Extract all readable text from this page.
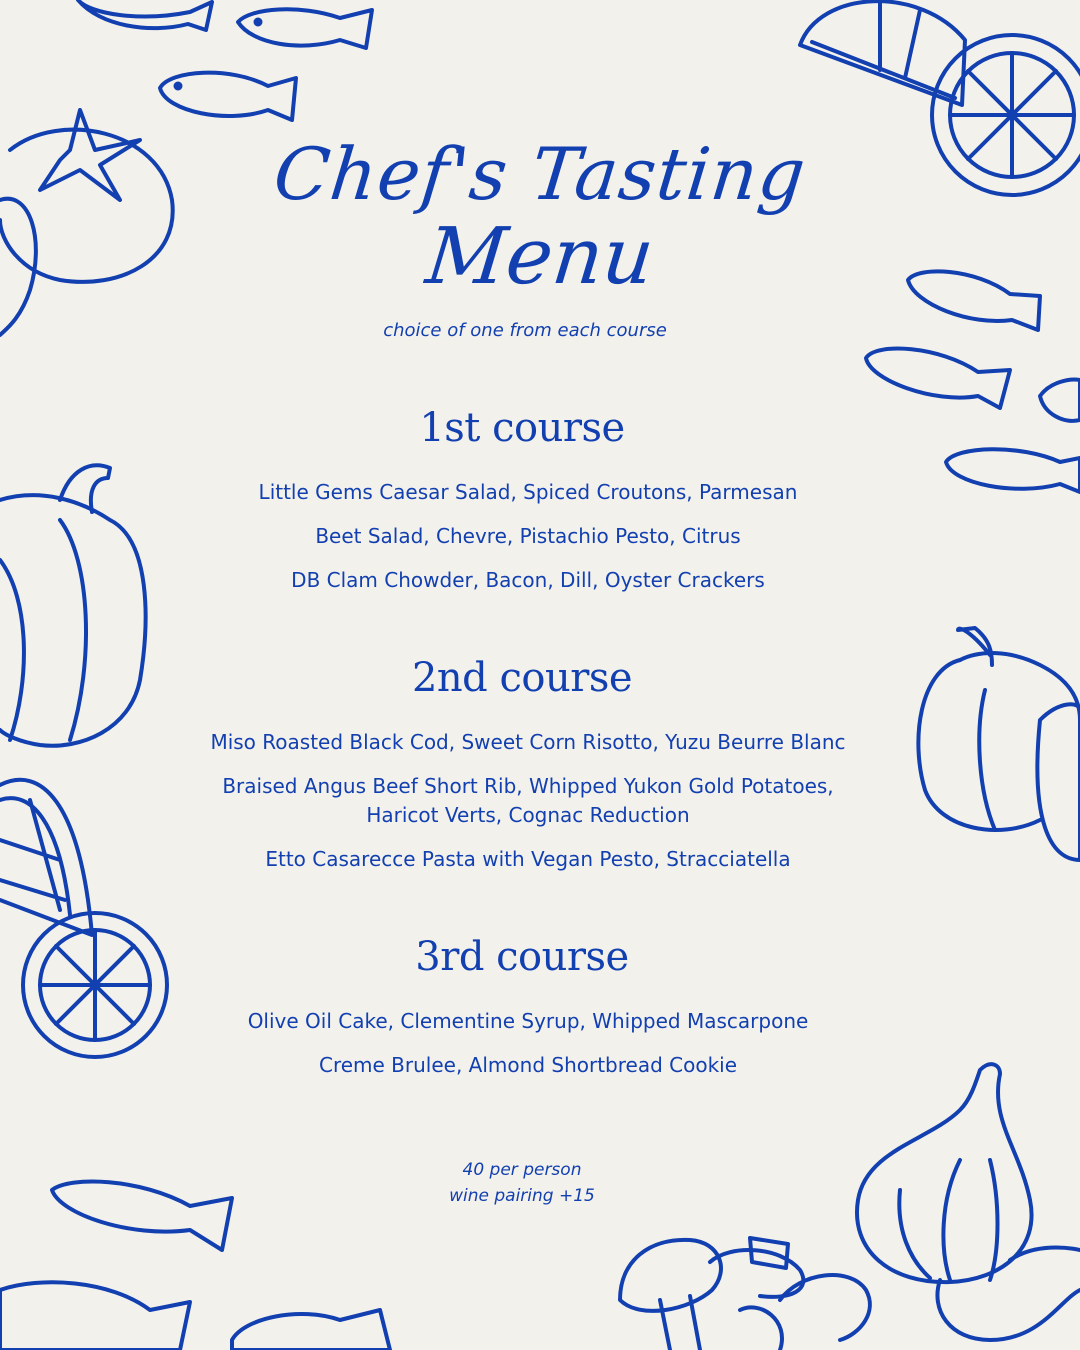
Chef's Tasting
Menu

choice of one from each course

1st course

Little Gems Caesar Salad, Spiced Croutons, Parmesan

Beet Salad, Chevre, Pistachio Pesto, Citrus

DB Clam Chowder, Bacon, Dill, Oyster Crackers

2nd course

Miso Roasted Black Cod, Sweet Corn Risotto, Yuzu Beurre Blanc

Braised Angus Beef Short Rib, Whipped Yukon Gold Potatoes,

Haricot Verts, Cognac Reduction

Etto Casarecce Pasta with Vegan Pesto, Stracciatella

3rd course

Olive Oil Cake, Clementine Syrup, Whipped Mascarpone

Creme Brulee, Almond Shortbread Cookie

40 per person

wine pairing +15
